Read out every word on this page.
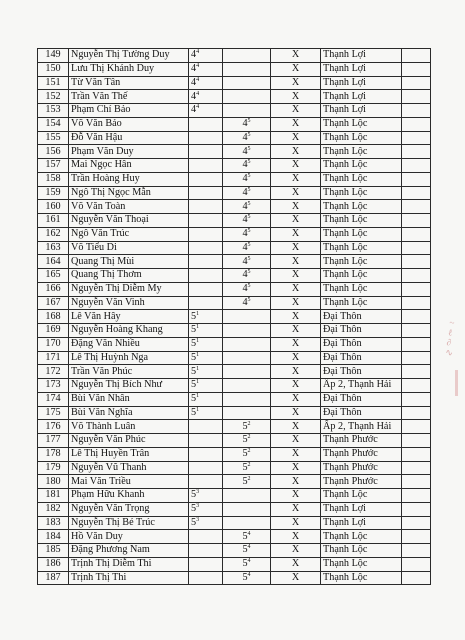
149	Nguyễn Thị Tường Duy	$4^4$		X	Thạnh Lợi	
150	Lưu Thị Khánh Duy	$4^4$		X	Thạnh Lợi	
151	Từ Văn Tân	$4^4$		X	Thạnh Lợi	
152	Trần Văn Thế	$4^4$		X	Thạnh Lợi	
153	Phạm Chí Bảo	$4^4$		X	Thạnh Lợi	
154	Võ Văn Bảo		$4^5$	X	Thạnh Lộc	
155	Đỗ Văn Hậu		$4^5$	X	Thạnh Lộc	
156	Phạm Văn Duy		$4^5$	X	Thạnh Lộc	
157	Mai Ngọc Hân		$4^5$	X	Thạnh Lộc	
158	Trần Hoàng Huy		$4^5$	X	Thạnh Lộc	
159	Ngô Thị Ngọc Mẫn		$4^5$	X	Thạnh Lộc	
160	Võ Văn Toàn		$4^5$	X	Thạnh Lộc	
161	Nguyễn Văn Thoại		$4^5$	X	Thạnh Lộc	
162	Ngô Văn Trúc		$4^5$	X	Thạnh Lộc	
163	Võ Tiểu Di		$4^5$	X	Thạnh Lộc	
164	Quang Thị Mùi		$4^5$	X	Thạnh Lộc	
165	Quang Thị Thơm		$4^5$	X	Thạnh Lộc	
166	Nguyễn Thị Diễm My		$4^5$	X	Thạnh Lộc	
167	Nguyễn Văn Vinh		$4^5$	X	Thạnh Lộc	
168	Lê Văn Hây	$5^1$		X	Đại Thôn	
169	Nguyễn Hoàng Khang	$5^1$		X	Đại Thôn	
170	Đặng Văn Nhiều	$5^1$		X	Đại Thôn	
171	Lê Thị Huỳnh Nga	$5^1$		X	Đại Thôn	
172	Trần Văn Phúc	$5^1$		X	Đại Thôn	
173	Nguyễn Thị Bích Như	$5^1$		X	Ấp 2, Thạnh Hải	
174	Bùi Văn Nhân	$5^1$		X	Đại Thôn	
175	Bùi Văn Nghĩa	$5^1$		X	Đại Thôn	
176	Võ Thành Luân		$5^2$	X	Ấp 2, Thạnh Hải	
177	Nguyễn Văn Phúc		$5^2$	X	Thạnh Phước	
178	Lê Thị Huyền Trân		$5^2$	X	Thạnh Phước	
179	Nguyễn Vũ Thanh		$5^2$	X	Thạnh Phước	
180	Mai Văn Triều		$5^2$	X	Thạnh Phước	
181	Phạm Hữu Khanh	$5^3$		X	Thạnh Lộc	
182	Nguyễn Văn Trọng	$5^3$		X	Thạnh Lợi	
183	Nguyễn Thị Bé Trúc	$5^3$		X	Thạnh Lợi	
184	Hồ Văn Duy		$5^4$	X	Thạnh Lộc	
185	Đặng Phương Nam		$5^4$	X	Thạnh Lộc	
186	Trịnh Thị Diễm Thi		$5^4$	X	Thạnh Lộc	
187	Trịnh Thị Thi		$5^4$	X	Thạnh Lộc	
~
ℓ
∂
∿
